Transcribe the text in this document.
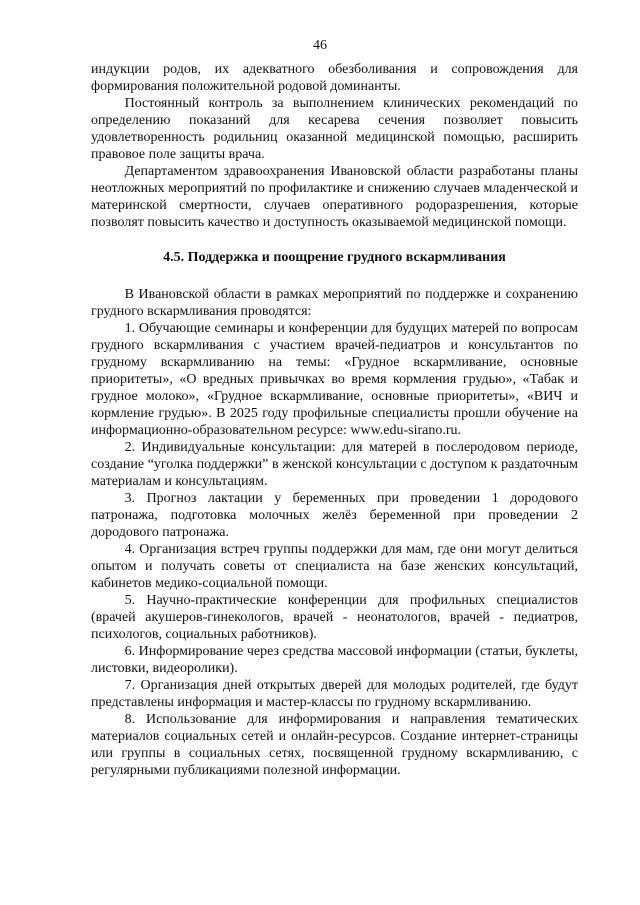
46

индукции родов, их адекватного обезболивания и сопровождения для формирования положительной родовой доминанты.

Постоянный контроль за выполнением клинических рекомендаций по определению показаний для кесарева сечения позволяет повысить удовлетворенность родильниц оказанной медицинской помощью, расширить правовое поле защиты врача.

Департаментом здравоохранения Ивановской области разработаны планы неотложных мероприятий по профилактике и снижению случаев младенческой и материнской смертности, случаев оперативного родоразрешения, которые позволят повысить качество и доступность оказываемой медицинской помощи.

4.5. Поддержка и поощрение грудного вскармливания

В Ивановской области в рамках мероприятий по поддержке и сохранению грудного вскармливания проводятся:

1. Обучающие семинары и конференции для будущих матерей по вопросам грудного вскармливания с участием врачей-педиатров и консультантов по грудному вскармливанию на темы: «Грудное вскармливание, основные приоритеты», «О вредных привычках во время кормления грудью», «Табак и грудное молоко», «Грудное вскармливание, основные приоритеты», «ВИЧ и кормление грудью». В 2025 году профильные специалисты прошли обучение на информационно-образовательном ресурсе: www.edu-sirano.ru.

2. Индивидуальные консультации: для матерей в послеродовом периоде, создание “уголка поддержки” в женской консультации с доступом к раздаточным материалам и консультациям.

3. Прогноз лактации у беременных при проведении 1 дородового патронажа, подготовка молочных желёз беременной при проведении 2 дородового патронажа.

4. Организация встреч группы поддержки для мам, где они могут делиться опытом и получать советы от специалиста на базе женских консультаций, кабинетов медико-социальной помощи.

5. Научно-практические конференции для профильных специалистов (врачей акушеров-гинекологов, врачей - неонатологов, врачей - педиатров, психологов, социальных работников).

6. Информирование через средства массовой информации (статьи, буклеты, листовки, видеоролики).

7. Организация дней открытых дверей для молодых родителей, где будут представлены информация и мастер-классы по грудному вскармливанию.

8. Использование для информирования и направления тематических материалов социальных сетей и онлайн-ресурсов. Создание интернет-страницы или группы в социальных сетях, посвященной грудному вскармливанию, с регулярными публикациями полезной информации.
